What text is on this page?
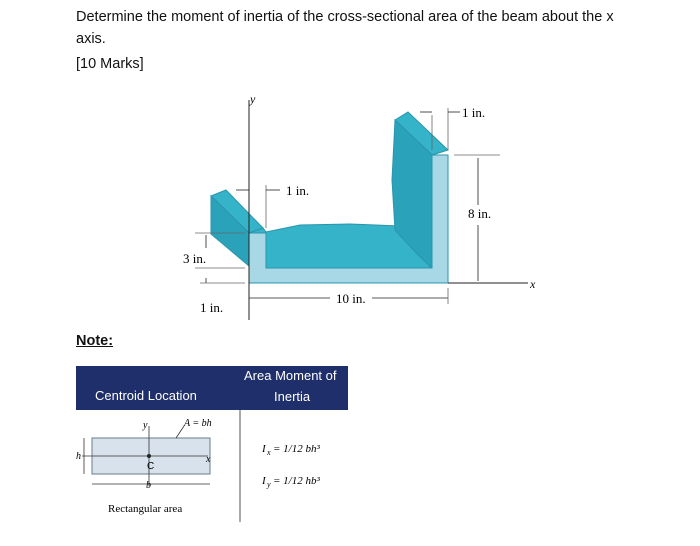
Determine the moment of inertia of the cross-sectional area of the beam about the x axis.

[10 Marks]

y
x
1 in.
1 in.
8 in.
3 in.
1 in.
10 in.

Note:

Centroid Location
Area Moment of
Inertia
y
x
C
A = bh
h
b
Rectangular area
I x = 1/12 bh³
I y = 1/12 hb³
